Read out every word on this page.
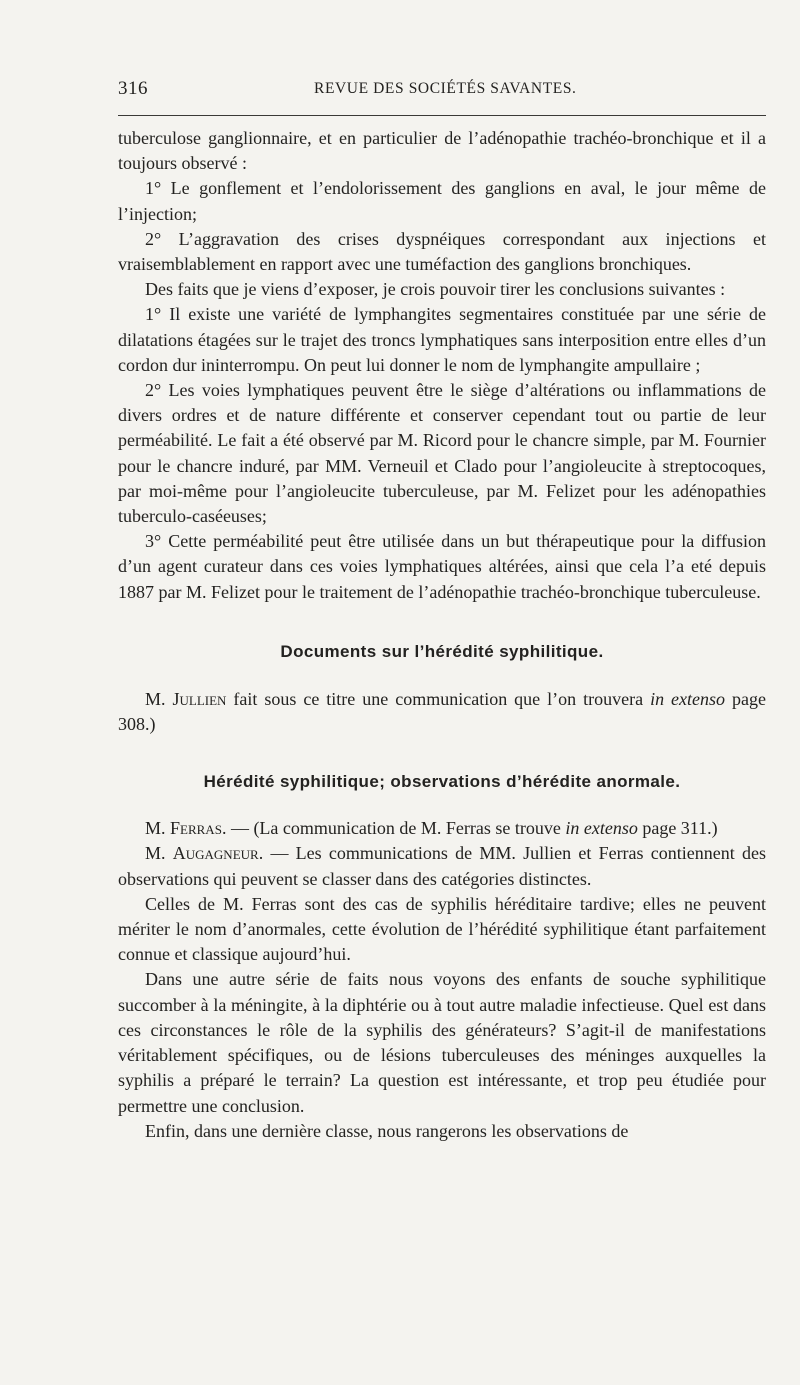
316	REVUE DES SOCIÉTÉS SAVANTES.

tuberculose ganglionnaire, et en particulier de l’adénopathie trachéo-bronchique et il a toujours observé :

1° Le gonflement et l’endolorissement des ganglions en aval, le jour même de l’injection;

2° L’aggravation des crises dyspnéiques correspondant aux injections et vraisemblablement en rapport avec une tuméfaction des ganglions bronchiques.

Des faits que je viens d’exposer, je crois pouvoir tirer les conclusions suivantes :

1° Il existe une variété de lymphangites segmentaires constituée par une série de dilatations étagées sur le trajet des troncs lymphatiques sans interposition entre elles d’un cordon dur ininterrompu. On peut lui donner le nom de lymphangite ampullaire ;

2° Les voies lymphatiques peuvent être le siège d’altérations ou inflammations de divers ordres et de nature différente et conserver cependant tout ou partie de leur perméabilité. Le fait a été observé par M. Ricord pour le chancre simple, par M. Fournier pour le chancre induré, par MM. Verneuil et Clado pour l’angioleucite à streptocoques, par moi-même pour l’angioleucite tuberculeuse, par M. Felizet pour les adénopathies tuberculo-caséeuses;

3° Cette perméabilité peut être utilisée dans un but thérapeutique pour la diffusion d’un agent curateur dans ces voies lymphatiques altérées, ainsi que cela l’a eté depuis 1887 par M. Felizet pour le traitement de l’adénopathie trachéo-bronchique tuberculeuse.

Documents sur l’hérédité syphilitique.

M. Jullien fait sous ce titre une communication que l’on trouvera in extenso page 308.)

Hérédité syphilitique; observations d’hérédite anormale.

M. Ferras. — (La communication de M. Ferras se trouve in extenso page 311.)

M. Augagneur. — Les communications de MM. Jullien et Ferras contiennent des observations qui peuvent se classer dans des catégories distinctes.

Celles de M. Ferras sont des cas de syphilis héréditaire tardive; elles ne peuvent mériter le nom d’anormales, cette évolution de l’hérédité syphilitique étant parfaitement connue et classique aujourd’hui.

Dans une autre série de faits nous voyons des enfants de souche syphilitique succomber à la méningite, à la diphtérie ou à tout autre maladie infectieuse. Quel est dans ces circonstances le rôle de la syphilis des générateurs? S’agit-il de manifestations véritablement spécifiques, ou de lésions tuberculeuses des méninges auxquelles la syphilis a préparé le terrain? La question est intéressante, et trop peu étudiée pour permettre une conclusion.

Enfin, dans une dernière classe, nous rangerons les observations de
